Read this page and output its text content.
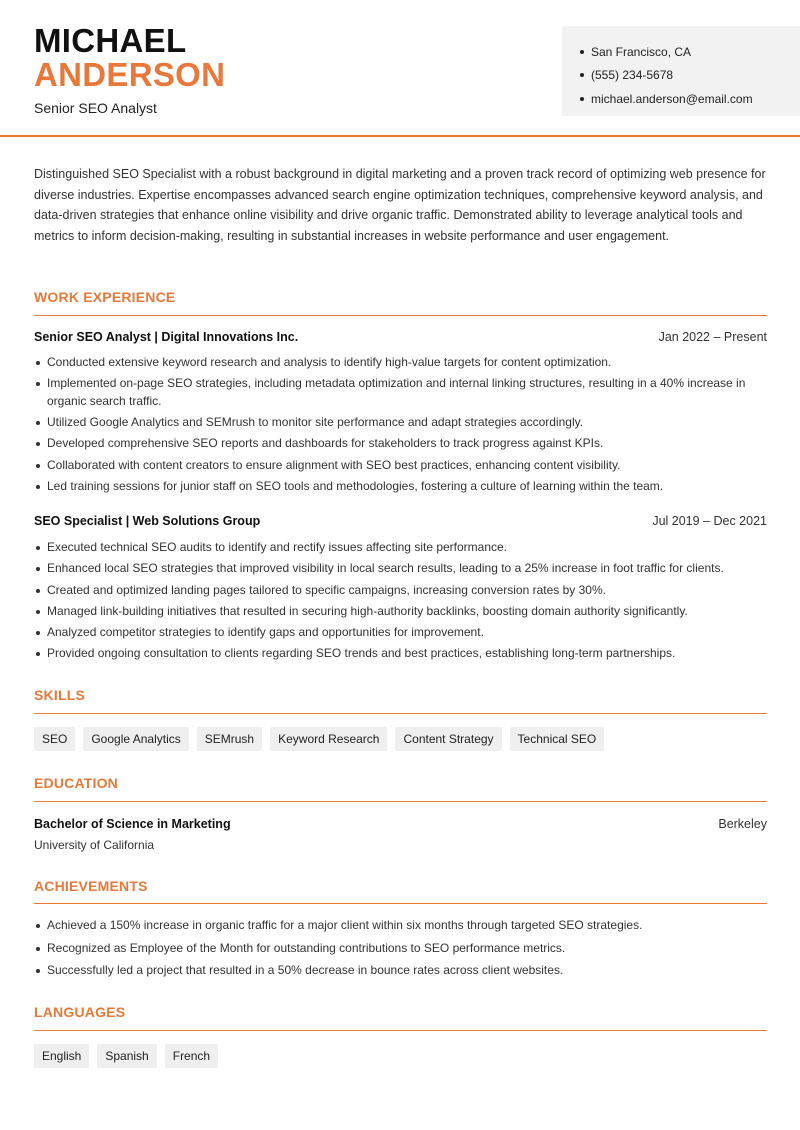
MICHAEL
ANDERSON
Senior SEO Analyst
San Francisco, CA
(555) 234-5678
michael.anderson@email.com
Distinguished SEO Specialist with a robust background in digital marketing and a proven track record of optimizing web presence for diverse industries. Expertise encompasses advanced search engine optimization techniques, comprehensive keyword analysis, and data-driven strategies that enhance online visibility and drive organic traffic. Demonstrated ability to leverage analytical tools and metrics to inform decision-making, resulting in substantial increases in website performance and user engagement.
WORK EXPERIENCE
Senior SEO Analyst | Digital Innovations Inc.	Jan 2022 – Present
Conducted extensive keyword research and analysis to identify high-value targets for content optimization.
Implemented on-page SEO strategies, including metadata optimization and internal linking structures, resulting in a 40% increase in organic search traffic.
Utilized Google Analytics and SEMrush to monitor site performance and adapt strategies accordingly.
Developed comprehensive SEO reports and dashboards for stakeholders to track progress against KPIs.
Collaborated with content creators to ensure alignment with SEO best practices, enhancing content visibility.
Led training sessions for junior staff on SEO tools and methodologies, fostering a culture of learning within the team.
SEO Specialist | Web Solutions Group	Jul 2019 – Dec 2021
Executed technical SEO audits to identify and rectify issues affecting site performance.
Enhanced local SEO strategies that improved visibility in local search results, leading to a 25% increase in foot traffic for clients.
Created and optimized landing pages tailored to specific campaigns, increasing conversion rates by 30%.
Managed link-building initiatives that resulted in securing high-authority backlinks, boosting domain authority significantly.
Analyzed competitor strategies to identify gaps and opportunities for improvement.
Provided ongoing consultation to clients regarding SEO trends and best practices, establishing long-term partnerships.
SKILLS
SEO	Google Analytics	SEMrush	Keyword Research	Content Strategy	Technical SEO
EDUCATION
Bachelor of Science in Marketing	Berkeley
University of California
ACHIEVEMENTS
Achieved a 150% increase in organic traffic for a major client within six months through targeted SEO strategies.
Recognized as Employee of the Month for outstanding contributions to SEO performance metrics.
Successfully led a project that resulted in a 50% decrease in bounce rates across client websites.
LANGUAGES
English	Spanish	French
